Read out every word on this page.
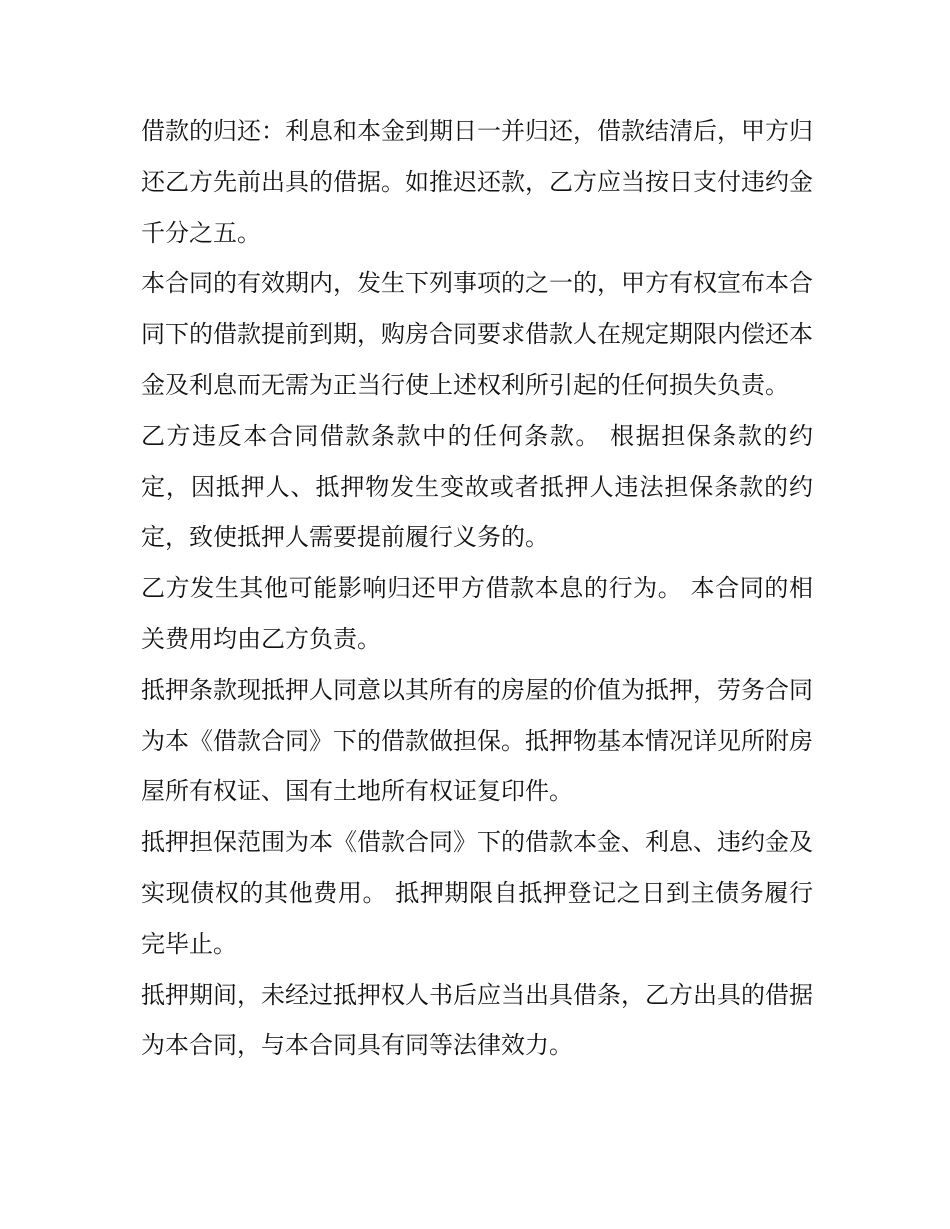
借款的归还：利息和本金到期日一并归还，借款结清后，甲方归还乙方先前出具的借据。如推迟还款，乙方应当按日支付违约金千分之五。

本合同的有效期内，发生下列事项的之一的，甲方有权宣布本合同下的借款提前到期，购房合同要求借款人在规定期限内偿还本金及利息而无需为正当行使上述权利所引起的任何损失负责。

乙方违反本合同借款条款中的任何条款。 根据担保条款的约定，因抵押人、抵押物发生变故或者抵押人违法担保条款的约定，致使抵押人需要提前履行义务的。

乙方发生其他可能影响归还甲方借款本息的行为。 本合同的相关费用均由乙方负责。

抵押条款现抵押人同意以其所有的房屋的价值为抵押，劳务合同为本《借款合同》下的借款做担保。抵押物基本情况详见所附房屋所有权证、国有土地所有权证复印件。

抵押担保范围为本《借款合同》下的借款本金、利息、违约金及实现债权的其他费用。 抵押期限自抵押登记之日到主债务履行完毕止。

抵押期间，未经过抵押权人书后应当出具借条，乙方出具的借据为本合同，与本合同具有同等法律效力。
